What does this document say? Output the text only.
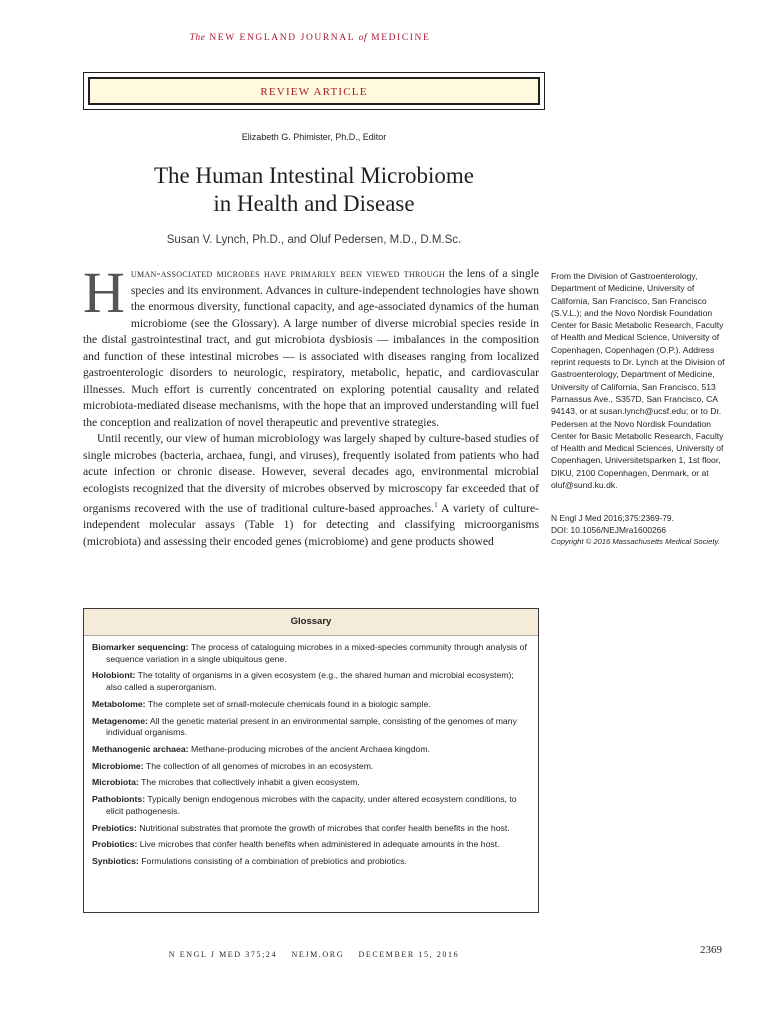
The NEW ENGLAND JOURNAL of MEDICINE
REVIEW ARTICLE
Elizabeth G. Phimister, Ph.D., Editor
The Human Intestinal Microbiome
in Health and Disease
Susan V. Lynch, Ph.D., and Oluf Pedersen, M.D., D.M.Sc.

Human-associated microbes have primarily been viewed through the lens of a single species and its environment. Advances in culture-independent technologies have shown the enormous diversity, functional capacity, and age-associated dynamics of the human microbiome (see the Glossary). A large number of diverse microbial species reside in the distal gastrointestinal tract, and gut microbiota dysbiosis — imbalances in the composition and function of these intestinal microbes — is associated with diseases ranging from localized gastroenterologic disorders to neurologic, respiratory, metabolic, hepatic, and cardiovascular illnesses. Much effort is currently concentrated on exploring potential causality and related microbiota-mediated disease mechanisms, with the hope that an improved understanding will fuel the conception and realization of novel therapeutic and preventive strategies.

Until recently, our view of human microbiology was largely shaped by culture-based studies of single microbes (bacteria, archaea, fungi, and viruses), frequently isolated from patients who had acute infection or chronic disease. However, several decades ago, environmental microbial ecologists recognized that the diversity of microbes observed by microscopy far exceeded that of organisms recovered with the use of traditional culture-based approaches.$^1$ A variety of culture-independent molecular assays (Table 1) for detecting and classifying microorganisms (microbiota) and assessing their encoded genes (microbiome) and gene products showed

From the Division of Gastroenterology, Department of Medicine, University of California, San Francisco, San Francisco (S.V.L.); and the Novo Nordisk Foundation Center for Basic Metabolic Research, Faculty of Health and Medical Science, University of Copenhagen, Copenhagen (O.P.). Address reprint requests to Dr. Lynch at the Division of Gastroenterology, Department of Medicine, University of California, San Francisco, 513 Parnassus Ave., S357D, San Francisco, CA 94143, or at susan.lynch@ucsf.edu; or to Dr. Pedersen at the Novo Nordisk Foundation Center for Basic Metabolic Research, Faculty of Health and Medical Sciences, University of Copenhagen, Universitetsparken 1, 1st floor, DIKU, 2100 Copenhagen, Denmark, or at oluf@sund.ku.dk.

N Engl J Med 2016;375:2369-79.
DOI: 10.1056/NEJMra1600266
Copyright © 2016 Massachusetts Medical Society.
Glossary
Biomarker sequencing: The process of cataloguing microbes in a mixed-species community through analysis of sequence variation in a single ubiquitous gene.
Holobiont: The totality of organisms in a given ecosystem (e.g., the shared human and microbial ecosystem); also called a superorganism.
Metabolome: The complete set of small-molecule chemicals found in a biologic sample.
Metagenome: All the genetic material present in an environmental sample, consisting of the genomes of many individual organisms.
Methanogenic archaea: Methane-producing microbes of the ancient Archaea kingdom.
Microbiome: The collection of all genomes of microbes in an ecosystem.
Microbiota: The microbes that collectively inhabit a given ecosystem.
Pathobionts: Typically benign endogenous microbes with the capacity, under altered ecosystem conditions, to elicit pathogenesis.
Prebiotics: Nutritional substrates that promote the growth of microbes that confer health benefits in the host.
Probiotics: Live microbes that confer health benefits when administered in adequate amounts in the host.
Synbiotics: Formulations consisting of a combination of prebiotics and probiotics.
N ENGL J MED 375;24    NEJM.ORG    DECEMBER 15, 2016	2369
